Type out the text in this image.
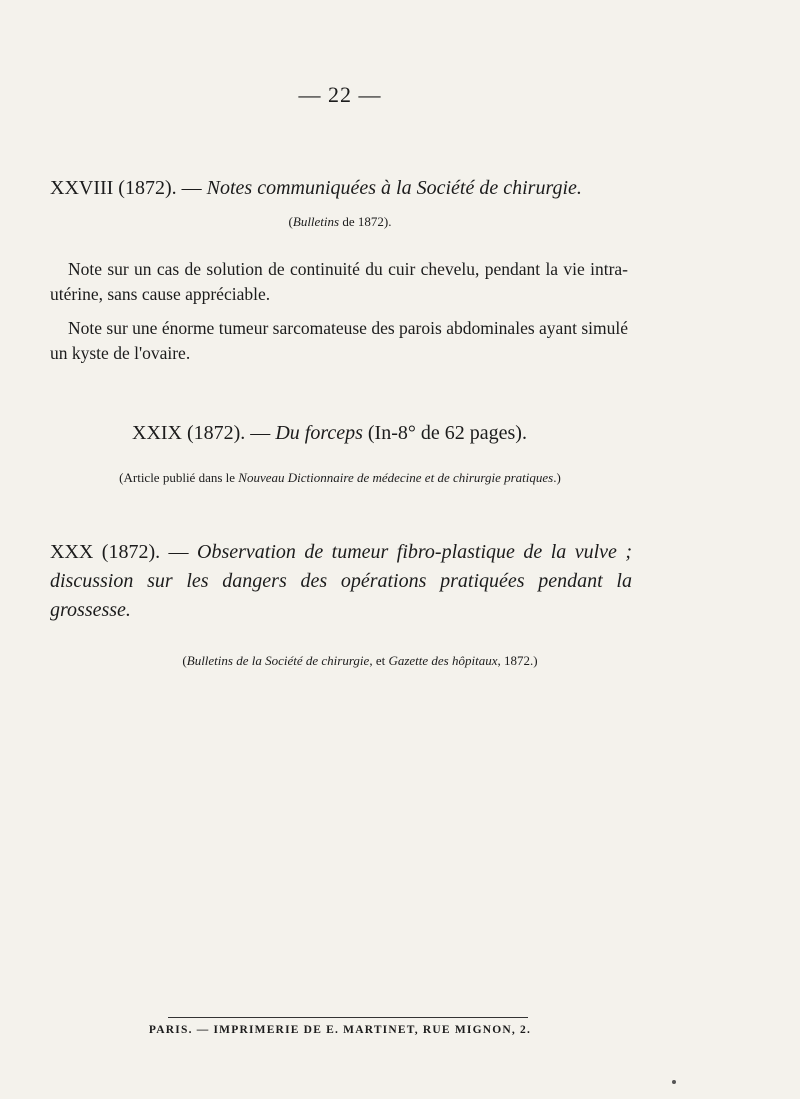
— 22 —
XXVIII (1872). — Notes communiquées à la Société de chirurgie.
(Bulletins de 1872).
Note sur un cas de solution de continuité du cuir chevelu, pendant la vie intra-utérine, sans cause appréciable.
Note sur une énorme tumeur sarcomateuse des parois abdominales ayant simulé un kyste de l'ovaire.
XXIX (1872). — Du forceps (In-8° de 62 pages).
(Article publié dans le Nouveau Dictionnaire de médecine et de chirurgie pratiques.)
XXX (1872). — Observation de tumeur fibro-plastique de la vulve ; discussion sur les dangers des opérations pratiquées pendant la grossesse.
(Bulletins de la Société de chirurgie, et Gazette des hôpitaux, 1872.)
PARIS. — IMPRIMERIE DE E. MARTINET, RUE MIGNON, 2.
